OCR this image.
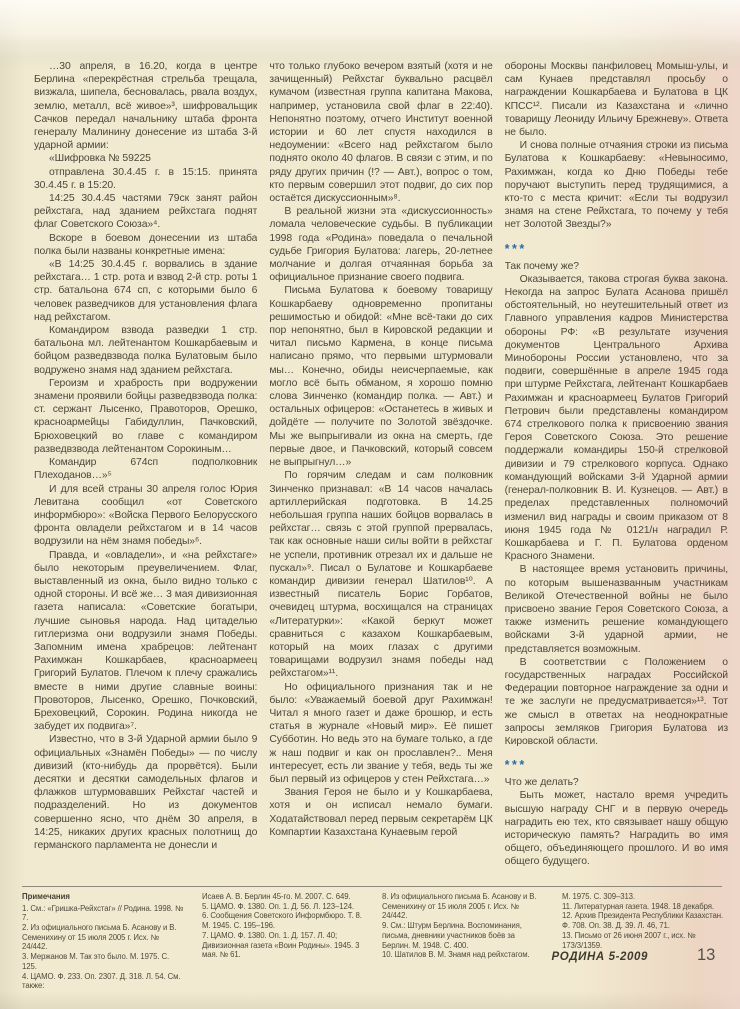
…30 апреля, в 16.20, когда в центре Берлина «перекрёстная стрельба трещала, визжала, шипела, бесновалась, рвала воздух, землю, металл, всё живое»³, шифровальщик Сачков передал начальнику штаба фронта генералу Малинину донесение из штаба 3-й ударной армии:

«Шифровка № 59225

отправлена 30.4.45 г. в 15:15. принята 30.4.45 г. в 15:20.

14:25 30.4.45 частями 79ск занят район рейхстага, над зданием рейхстага поднят флаг Советского Союза»⁴.

Вскоре в боевом донесении из штаба полка были названы конкретные имена:

«В 14:25 30.4.45 г. ворвались в здание рейхстага… 1 стр. рота и взвод 2-й стр. роты 1 стр. батальона 674 сп, с которыми было 6 человек разведчиков для установления флага над рейхстагом.

Командиром взвода разведки 1 стр. батальона мл. лейтенантом Кошкарбаевым и бойцом разведвзвода полка Булатовым было водружено знамя над зданием рейхстага.

Героизм и храбрость при водружении знамени проявили бойцы разведвзвода полка: ст. сержант Лысенко, Правоторов, Орешко, красноармейцы Габидуллин, Пачковский, Брюховецкий во главе с командиром разведвзвода лейтенантом Сорокиным…

Командир 674сп подполковник Плеходанов…»⁵

И для всей страны 30 апреля голос Юрия Левитана сообщил «от Советского информбюро»: «Войска Первого Белорусского фронта овладели рейхстагом и в 14 часов водрузили на нём знамя победы»⁶.

Правда, и «овладели», и «на рейхстаге» было некоторым преувеличением. Флаг, выставленный из окна, было видно только с одной стороны. И всё же… 3 мая дивизионная газета написала: «Советские богатыри, лучшие сыновья народа. Над цитаделью гитлеризма они водрузили знамя Победы. Запомним имена храбрецов: лейтенант Рахимжан Кошкарбаев, красноармеец Григорий Булатов. Плечом к плечу сражались вместе в ними другие славные воины: Провоторов, Лысенко, Орешко, Почковский, Бреховецкий, Сорокин. Родина никогда не забудет их подвига»⁷.

Известно, что в 3-й Ударной армии было 9 официальных «Знамён Победы» — по числу дивизий (кто-нибудь да прорвётся). Были десятки и десятки самодельных флагов и флажков штурмовавших Рейхстаг частей и подразделений. Но из документов совершенно ясно, что днём 30 апреля, в 14:25, никаких других красных полотнищ до германского парламента не донесли и

что только глубоко вечером взятый (хотя и не зачищенный) Рейхстаг буквально расцвёл кумачом (известная группа капитана Макова, например, установила свой флаг в 22:40). Непонятно поэтому, отчего Институт военной истории и 60 лет спустя находился в недоумении: «Всего над рейхстагом было поднято около 40 флагов. В связи с этим, и по ряду других причин (!? — Авт.), вопрос о том, кто первым совершил этот подвиг, до сих пор остаётся дискуссионным»⁸.

В реальной жизни эта «дискуссионность» ломала человеческие судьбы. В публикации 1998 года «Родина» поведала о печальной судьбе Григория Булатова: лагерь, 20-летнее молчание и долгая отчаянная борьба за официальное признание своего подвига.

Письма Булатова к боевому товарищу Кошкарбаеву одновременно пропитаны решимостью и обидой: «Мне всё-таки до сих пор непонятно, был в Кировской редакции и читал письмо Кармена, в конце письма написано прямо, что первыми штурмовали мы… Конечно, обиды неисчерпаемые, как могло всё быть обманом, я хорошо помню слова Зинченко (командир полка. — Авт.) и остальных офицеров: «Останетесь в живых и дойдёте — получите по Золотой звёздочке. Мы же выпрыгивали из окна на смерть, где первые двое, и Пачковский, который совсем не выпрыгнул…»

По горячим следам и сам полковник Зинченко признавал: «В 14 часов началась артиллерийская подготовка. В 14.25 небольшая группа наших бойцов ворвалась в рейхстаг… связь с этой группой прервалась, так как основные наши силы войти в рейхстаг не успели, противник отрезал их и дальше не пускал»⁹. Писал о Булатове и Кошкарбаеве командир дивизии генерал Шатилов¹⁰. А известный писатель Борис Горбатов, очевидец штурма, восхищался на страницах «Литературки»: «Какой беркут может сравниться с казахом Кошкарбаевым, который на моих глазах с другими товарищами водрузил знамя победы над рейхстагом»¹¹.

Но официального признания так и не было: «Уважаемый боевой друг Рахимжан! Читал я много газет и даже брошюр, и есть статья в журнале «Новый мир». Её пишет Субботин. Но ведь это на бумаге только, а где ж наш подвиг и как он прославлен?.. Меня интересует, есть ли звание у тебя, ведь ты же был первый из офицеров у стен Рейхстага…»

Звания Героя не было и у Кошкарбаева, хотя и он исписал немало бумаги. Ходатайствовал перед первым секретарём ЦК Компартии Казахстана Кунаевым герой

обороны Москвы панфиловец Момыш-улы, и сам Кунаев представлял просьбу о награждении Кошкарбаева и Булатова в ЦК КПСС¹². Писали из Казахстана и «лично товарищу Леониду Ильичу Брежневу». Ответа не было.

И снова полные отчаяния строки из письма Булатова к Кошкарбаеву: «Невыносимо, Рахимжан, когда ко Дню Победы тебе поручают выступить перед трудящимися, а кто-то с места кричит: «Если ты водрузил знамя на стене Рейхстага, то почему у тебя нет Золотой Звезды?»

***

Так почему же?

Оказывается, такова строгая буква закона. Некогда на запрос Булата Асанова пришёл обстоятельный, но неутешительный ответ из Главного управления кадров Министерства обороны РФ: «В результате изучения документов Центрального Архива Минобороны России установлено, что за подвиги, совершённые в апреле 1945 года при штурме Рейхстага, лейтенант Кошкарбаев Рахимжан и красноармеец Булатов Григорий Петрович были представлены командиром 674 стрелкового полка к присвоению звания Героя Советского Союза. Это решение поддержали командиры 150-й стрелковой дивизии и 79 стрелкового корпуса. Однако командующий войсками 3-й Ударной армии (генерал-полковник В. И. Кузнецов. — Авт.) в пределах представленных полномочий изменил вид награды и своим приказом от 8 июня 1945 года № 0121/н наградил Р. Кошкарбаева и Г. П. Булатова орденом Красного Знамени.

В настоящее время установить причины, по которым вышеназванным участникам Великой Отечественной войны не было присвоено звание Героя Советского Союза, а также изменить решение командующего войсками 3-й ударной армии, не представляется возможным.

В соответствии с Положением о государственных наградах Российской Федерации повторное награждение за одни и те же заслуги не предусматривается»¹³. Тот же смысл в ответах на неоднократные запросы земляков Григория Булатова из Кировской области.

***

Что же делать?

Быть может, настало время учредить высшую награду СНГ и в первую очередь наградить ею тех, кто связывает нашу общую историческую память? Наградить во имя общего, объединяющего прошлого. И во имя общего будущего.

Примечания

1. См.: «Гришка-Рейхстаг» // Родина. 1998. № 7.

2. Из официального письма Б. Асанову и В. Семенихину от 15 июля 2005 г. Исх. № 24/442.

3. Мержанов М. Так это было. М. 1975. С. 125.

4. ЦАМО. Ф. 233. Оп. 2307. Д. 318. Л. 54. См. также:

Исаев А. В. Берлин 45-го. М. 2007. С. 649.

5. ЦАМО. Ф. 1380. Оп. 1. Д. 56. Л. 123–124.

6. Сообщения Советского Информбюро. Т. 8. М. 1945. С. 195–196.

7. ЦАМО. Ф. 1380. Оп. 1. Д. 157. Л. 40; Дивизионная газета «Воин Родины». 1945. 3 мая. № 61.

8. Из официального письма Б. Асанову и В. Семенихину от 15 июля 2005 г. Исх. № 24/442.

9. См.: Штурм Берлина. Воспоминания, письма, дневники участников боёв за Берлин. М. 1948. С. 400.

10. Шатилов В. М. Знамя над рейхстагом.

М. 1975. С. 309–313.

11. Литературная газета. 1948. 18 декабря.

12. Архив Президента Республики Казахстан. Ф. 708. Оп. 38. Д. 39. Л. 46, 71.

13. Письмо от 26 июня 2007 г., исх. № 173/3/1359.

РОДИНА 5-2009	13
